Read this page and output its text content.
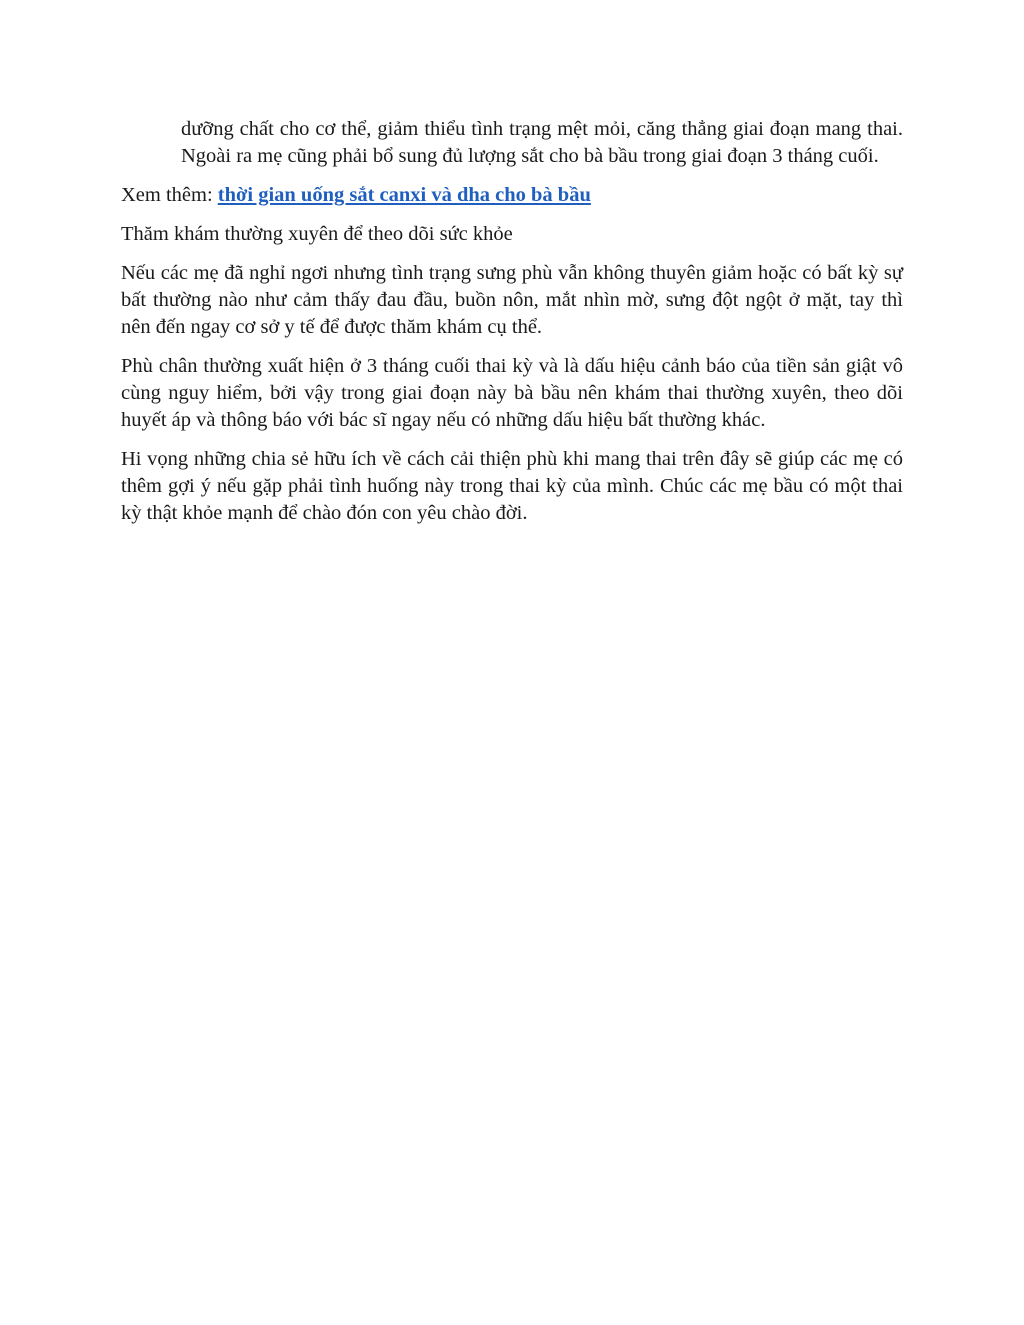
dưỡng chất cho cơ thể, giảm thiểu tình trạng mệt mỏi, căng thẳng giai đoạn mang thai. Ngoài ra mẹ cũng phải bổ sung đủ lượng sắt cho bà bầu trong giai đoạn 3 tháng cuối.

Xem thêm: thời gian uống sắt canxi và dha cho bà bầu

Thăm khám thường xuyên để theo dõi sức khỏe

Nếu các mẹ đã nghỉ ngơi nhưng tình trạng sưng phù vẫn không thuyên giảm hoặc có bất kỳ sự bất thường nào như cảm thấy đau đầu, buồn nôn, mắt nhìn mờ, sưng đột ngột ở mặt, tay thì nên đến ngay cơ sở y tế để được thăm khám cụ thể.

Phù chân thường xuất hiện ở 3 tháng cuối thai kỳ và là dấu hiệu cảnh báo của tiền sản giật vô cùng nguy hiểm, bởi vậy trong giai đoạn này bà bầu nên khám thai thường xuyên, theo dõi huyết áp và thông báo với bác sĩ ngay nếu có những dấu hiệu bất thường khác.

Hi vọng những chia sẻ hữu ích về cách cải thiện phù khi mang thai trên đây sẽ giúp các mẹ có thêm gợi ý nếu gặp phải tình huống này trong thai kỳ của mình. Chúc các mẹ bầu có một thai kỳ thật khỏe mạnh để chào đón con yêu chào đời.
